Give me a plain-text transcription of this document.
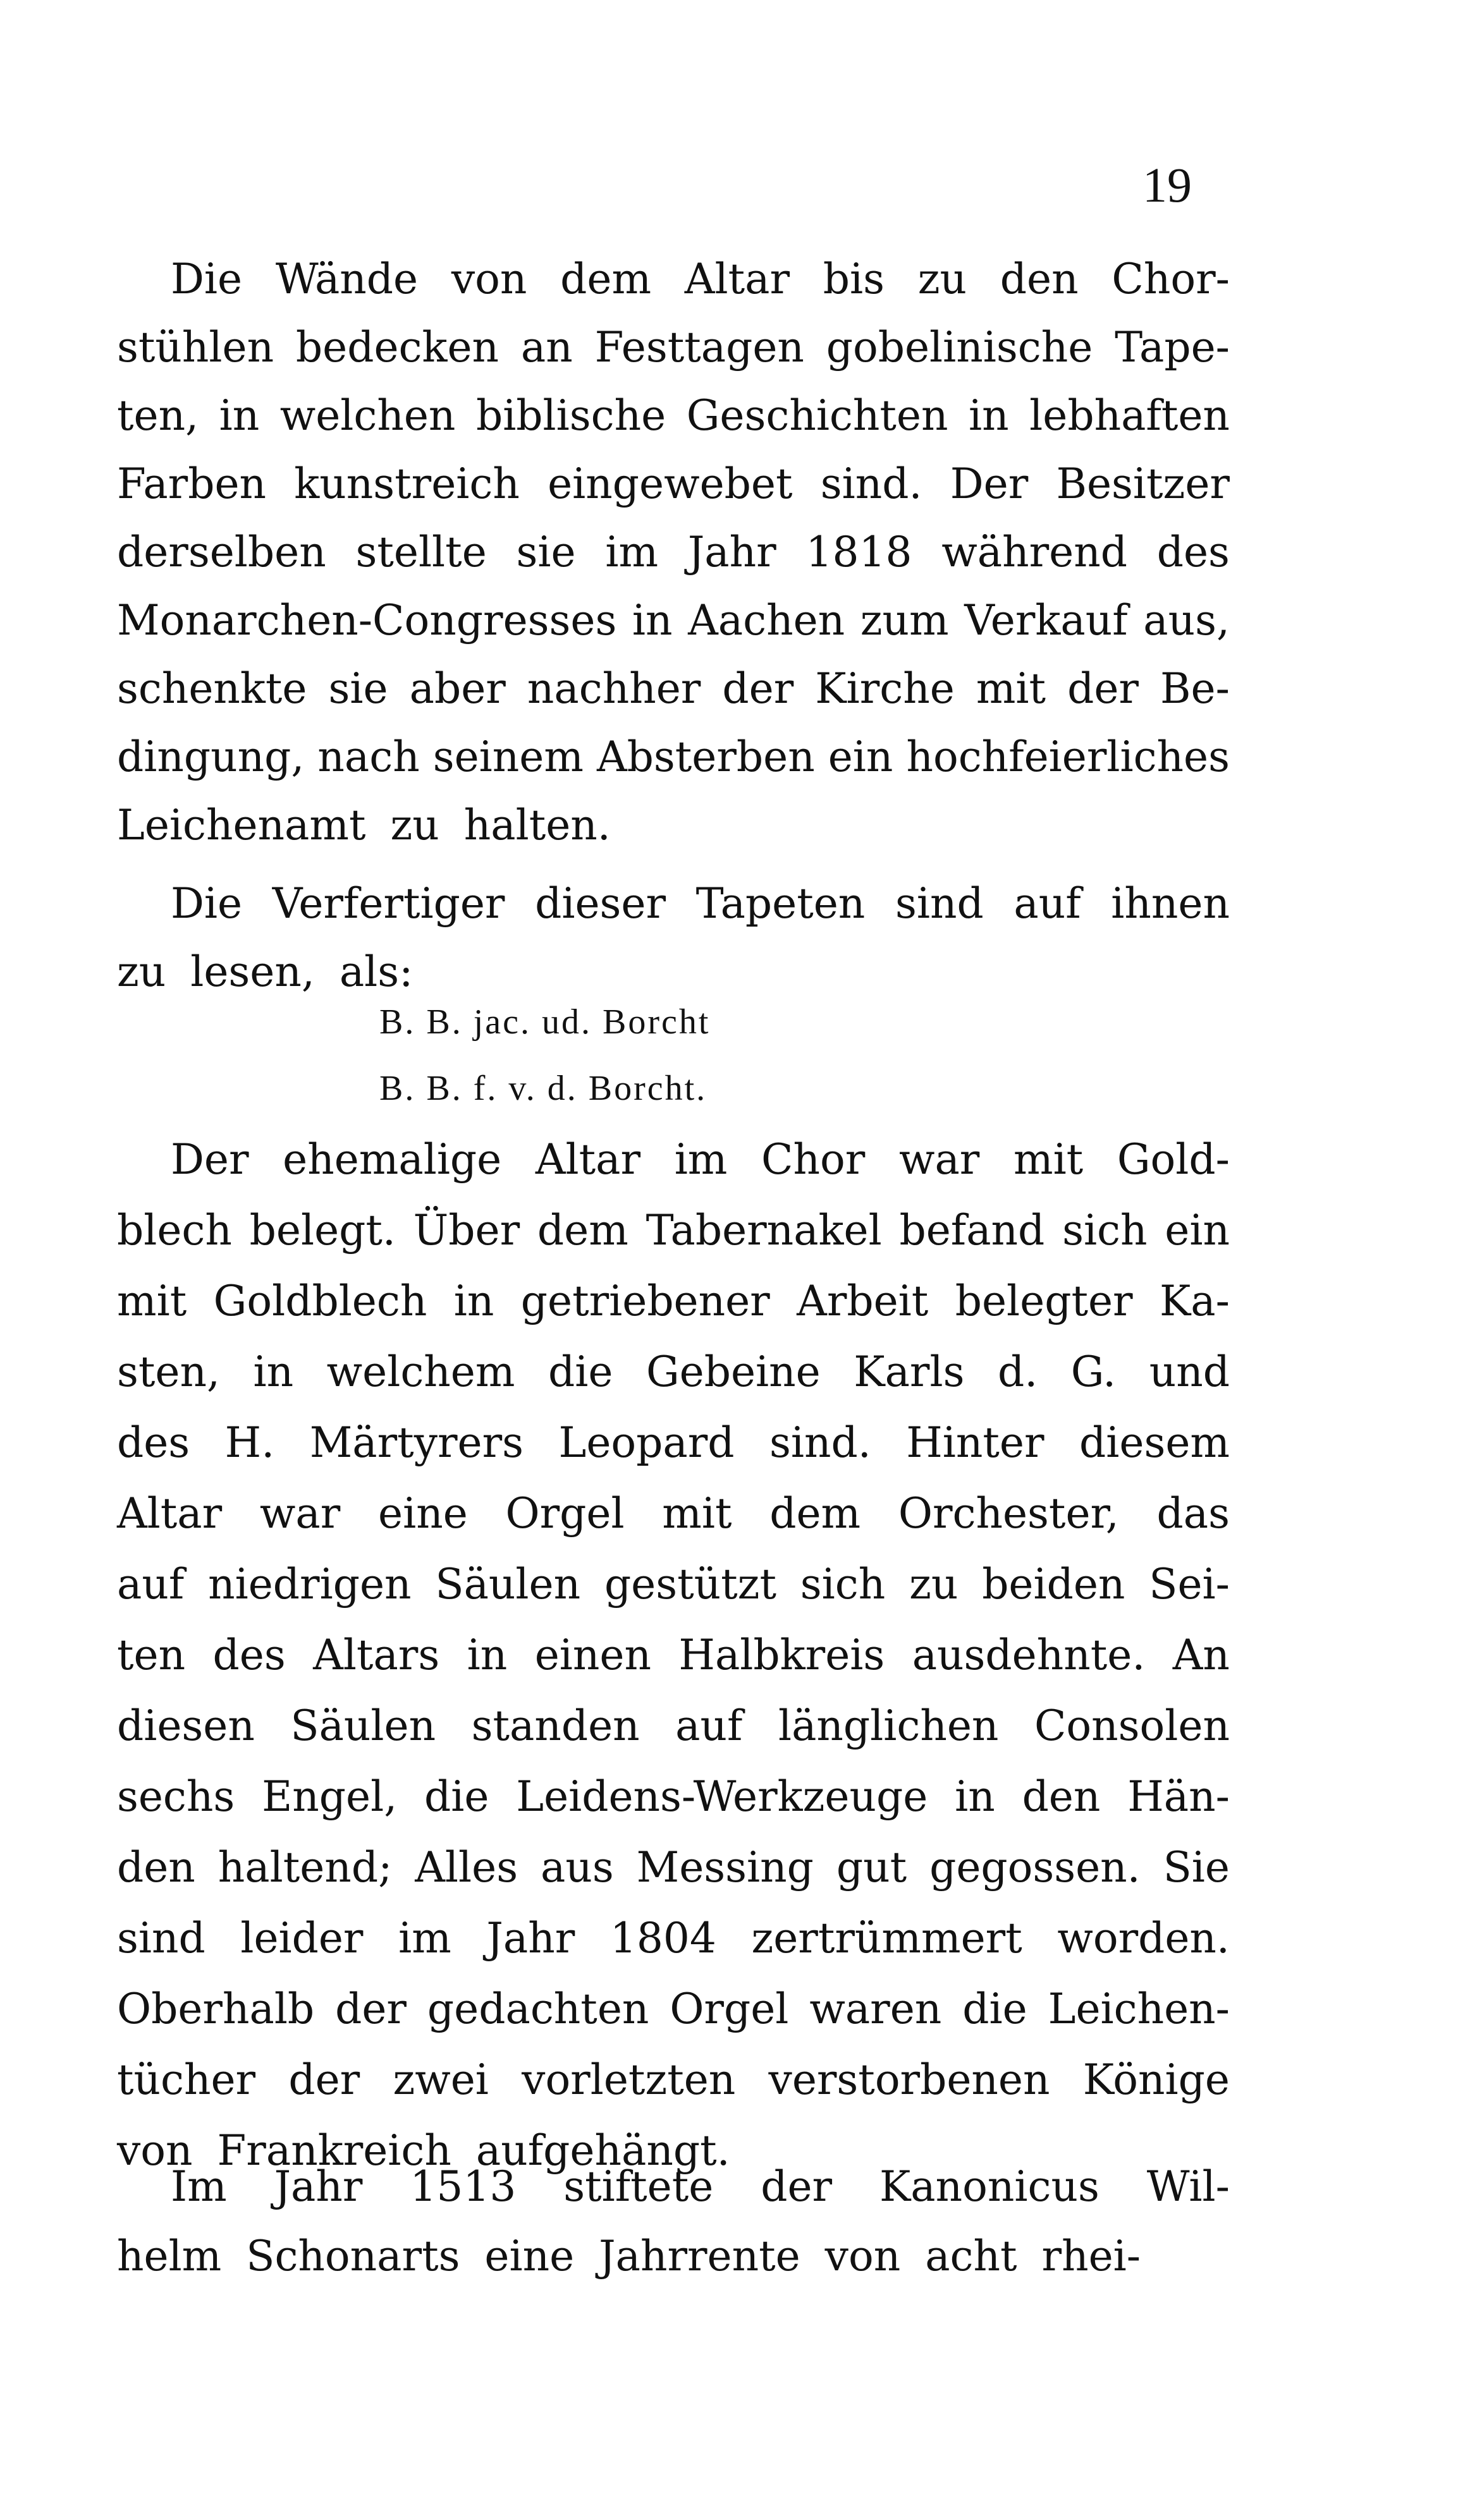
19
Die Wände von dem Altar bis zu den Chor-
stühlen bedecken an Festtagen gobelinische Tape-
ten, in welchen biblische Geschichten in lebhaften
Farben kunstreich eingewebet sind. Der Besitzer
derselben stellte sie im Jahr 1818 während des
Monarchen-Congresses in Aachen zum Verkauf aus,
schenkte sie aber nachher der Kirche mit der Be-
dingung, nach seinem Absterben ein hochfeierliches
Leichenamt zu halten.
Die Verfertiger dieser Tapeten sind auf ihnen
zu lesen, als:
Der ehemalige Altar im Chor war mit Gold-
blech belegt. Über dem Tabernakel befand sich ein
mit Goldblech in getriebener Arbeit belegter Ka-
sten, in welchem die Gebeine Karls d. G. und
des H. Märtyrers Leopard sind. Hinter diesem
Altar war eine Orgel mit dem Orchester, das
auf niedrigen Säulen gestützt sich zu beiden Sei-
ten des Altars in einen Halbkreis ausdehnte. An
diesen Säulen standen auf länglichen Consolen
sechs Engel, die Leidens-Werkzeuge in den Hän-
den haltend; Alles aus Messing gut gegossen. Sie
sind leider im Jahr 1804 zertrümmert worden.
Oberhalb der gedachten Orgel waren die Leichen-
tücher der zwei vorletzten verstorbenen Könige
von Frankreich aufgehängt.
Im Jahr 1513 stiftete der Kanonicus Wil-
helm Schonarts eine Jahrrente von acht rhei-
B. B. jac. ud. Borcht
B. B. f. v. d. Borcht.
